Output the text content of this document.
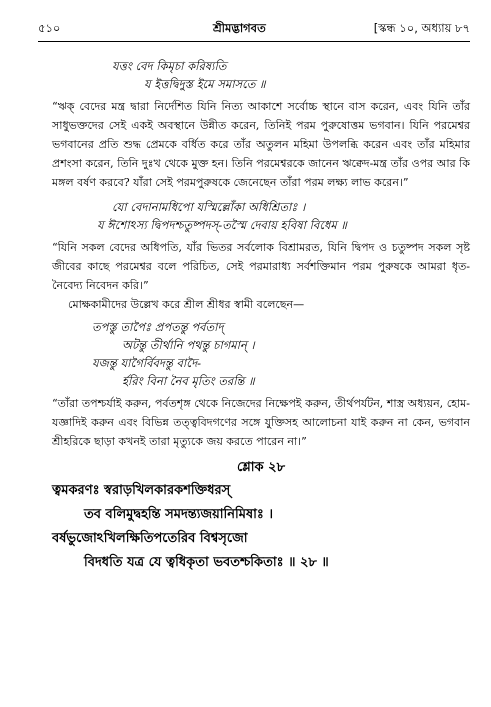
৫১০	শ্রীমদ্ভাগবত	[স্কন্ধ ১০, অধ্যায় ৮৭

যত্তং বেদ কিমৃচা করিষ্যতি

য ইত্তদ্বিদুস্ত ইমে সমাসতে ॥

“ঋক্ বেদের মন্ত্র দ্বারা নির্দেশিত যিনি নিত্য আকাশে সর্বোচ্চ স্থানে বাস করেন, এবং যিনি তাঁর সাধুভক্তদের সেই একই অবস্থানে উন্নীত করেন, তিনিই পরম পুরুষোত্তম ভগবান। যিনি পরমেশ্বর ভগবানের প্রতি শুদ্ধ প্রেমকে বর্ধিত করে তাঁর অতুলন মহিমা উপলব্ধি করেন এবং তাঁর মহিমার প্রশংসা করেন, তিনি দুঃখ থেকে মুক্ত হন। তিনি পরমেশ্বরকে জানেন ঋক্বেদ-মন্ত্র তাঁর ওপর আর কি মঙ্গল বর্ষণ করবে? যাঁরা সেই পরমপুরুষকে জেনেছেন তাঁরা পরম লক্ষ্য লাভ করেন।”

যো বেদানামধিপো যস্মিল্লোঁকা অধিশ্রিতাঃ ।

য ঈশোঽস্য দ্বিপদশ্চতুষ্পদস্-তস্মৈ দেবায় হবিষা বিধেম ॥

“যিনি সকল বেদের অধিপতি, যাঁর ভিতর সর্বলোক বিশ্রামরত, যিনি দ্বিপদ ও চতুষ্পদ সকল সৃষ্ট জীবের কাছে পরমেশ্বর বলে পরিচিত, সেই পরমারাধ্য সর্বশক্তিমান পরম পুরুষকে আমরা ধৃত-নৈবেদ্য নিবেদন করি।”

মোক্ষকামীদের উল্লেখ করে শ্রীল শ্রীধর স্বামী বলেছেন—

তপস্তু তাপৈঃ প্রপতন্তু পর্বতাদ্

অটন্তু তীর্থানি পথন্তু চাগমান্ ।

যজন্তু যাগৈর্বিবদন্তু বাদৈ-

র্হরিং বিনা নৈব মৃতিং তরন্তি ॥

“তাঁরা তপশ্চর্যাই করুন, পর্বতশৃঙ্গ থেকে নিজেদের নিক্ষেপই করুন, তীর্থপর্যটন, শাস্ত্র অধ্যয়ন, হোম-যজ্ঞাদিই করুন এবং বিভিন্ন তত্ত্ববিদগণের সঙ্গে যুক্তিসহ আলোচনা যাই করুন না কেন, ভগবান শ্রীহরিকে ছাড়া কখনই তারা মৃত্যুকে জয় করতে পারেন না।”

শ্লোক ২৮

ত্বমকরণঃ স্বরাড়খিলকারকশক্তিধরস্

তব বলিমুদ্বহন্তি সমদন্ত্যজয়ানিমিষাঃ ।

বর্ষভুজোঽখিলক্ষিতিপতেরিব বিশ্বসৃজো

বিদধতি যত্র যে ত্বধিকৃতা ভবতশ্চকিতাঃ ॥ ২৮ ॥
